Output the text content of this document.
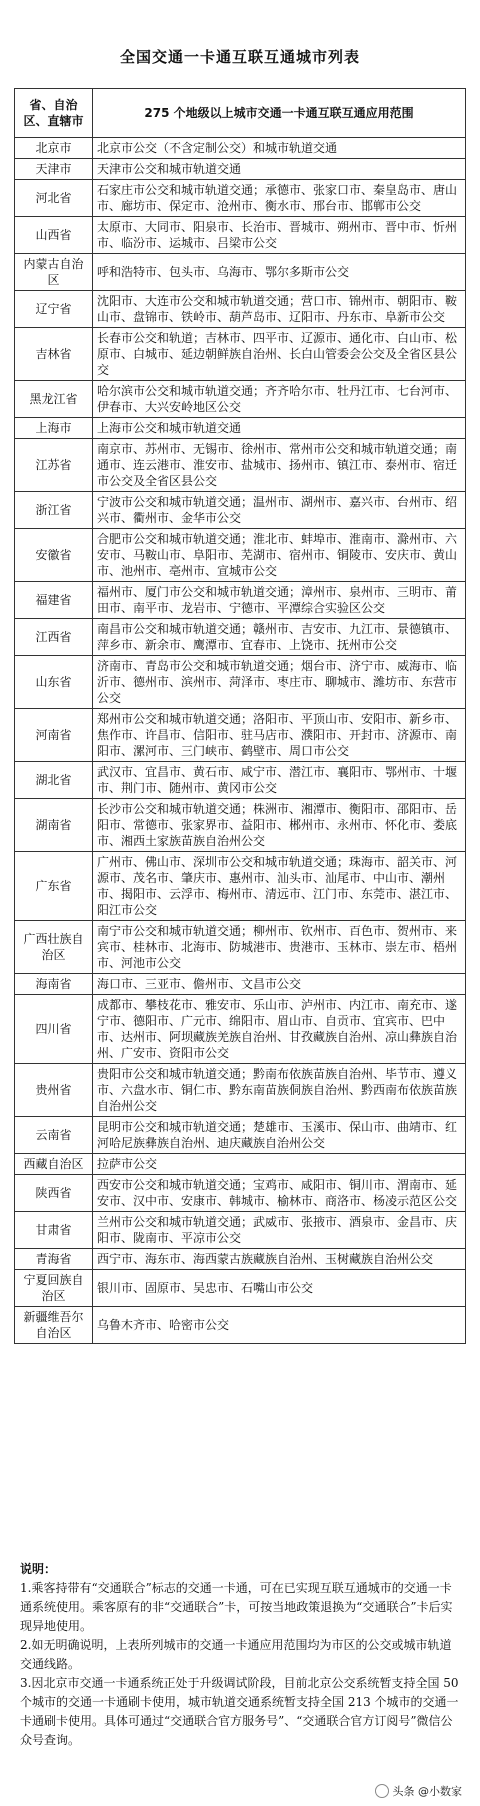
全国交通一卡通互联互通城市列表
省、自治区、直辖市	275 个地级以上城市交通一卡通互联互通应用范围
北京市	北京市公交（不含定制公交）和城市轨道交通
天津市	天津市公交和城市轨道交通
河北省	石家庄市公交和城市轨道交通；承德市、张家口市、秦皇岛市、唐山市、廊坊市、保定市、沧州市、衡水市、邢台市、邯郸市公交
山西省	太原市、大同市、阳泉市、长治市、晋城市、朔州市、晋中市、忻州市、临汾市、运城市、吕梁市公交
内蒙古自治区	呼和浩特市、包头市、乌海市、鄂尔多斯市公交
辽宁省	沈阳市、大连市公交和城市轨道交通；营口市、锦州市、朝阳市、鞍山市、盘锦市、铁岭市、葫芦岛市、辽阳市、丹东市、阜新市公交
吉林省	长春市公交和轨道；吉林市、四平市、辽源市、通化市、白山市、松原市、白城市、延边朝鲜族自治州、长白山管委会公交及全省区县公交
黑龙江省	哈尔滨市公交和城市轨道交通；齐齐哈尔市、牡丹江市、七台河市、伊春市、大兴安岭地区公交
上海市	上海市公交和城市轨道交通
江苏省	南京市、苏州市、无锡市、徐州市、常州市公交和城市轨道交通；南通市、连云港市、淮安市、盐城市、扬州市、镇江市、泰州市、宿迁市公交及全省区县公交
浙江省	宁波市公交和城市轨道交通；温州市、湖州市、嘉兴市、台州市、绍兴市、衢州市、金华市公交
安徽省	合肥市公交和城市轨道交通；淮北市、蚌埠市、淮南市、滁州市、六安市、马鞍山市、阜阳市、芜湖市、宿州市、铜陵市、安庆市、黄山市、池州市、亳州市、宣城市公交
福建省	福州市、厦门市公交和城市轨道交通；漳州市、泉州市、三明市、莆田市、南平市、龙岩市、宁德市、平潭综合实验区公交
江西省	南昌市公交和城市轨道交通；赣州市、吉安市、九江市、景德镇市、萍乡市、新余市、鹰潭市、宜春市、上饶市、抚州市公交
山东省	济南市、青岛市公交和城市轨道交通；烟台市、济宁市、威海市、临沂市、德州市、滨州市、菏泽市、枣庄市、聊城市、潍坊市、东营市公交
河南省	郑州市公交和城市轨道交通；洛阳市、平顶山市、安阳市、新乡市、焦作市、许昌市、信阳市、驻马店市、濮阳市、开封市、济源市、南阳市、漯河市、三门峡市、鹤壁市、周口市公交
湖北省	武汉市、宜昌市、黄石市、咸宁市、潜江市、襄阳市、鄂州市、十堰市、荆门市、随州市、黄冈市公交
湖南省	长沙市公交和城市轨道交通；株洲市、湘潭市、衡阳市、邵阳市、岳阳市、常德市、张家界市、益阳市、郴州市、永州市、怀化市、娄底市、湘西土家族苗族自治州公交
广东省	广州市、佛山市、深圳市公交和城市轨道交通；珠海市、韶关市、河源市、茂名市、肇庆市、惠州市、汕头市、汕尾市、中山市、潮州市、揭阳市、云浮市、梅州市、清远市、江门市、东莞市、湛江市、阳江市公交
广西壮族自治区	南宁市公交和城市轨道交通；柳州市、钦州市、百色市、贺州市、来宾市、桂林市、北海市、防城港市、贵港市、玉林市、崇左市、梧州市、河池市公交
海南省	海口市、三亚市、儋州市、文昌市公交
四川省	成都市、攀枝花市、雅安市、乐山市、泸州市、内江市、南充市、遂宁市、德阳市、广元市、绵阳市、眉山市、自贡市、宜宾市、巴中市、达州市、阿坝藏族羌族自治州、甘孜藏族自治州、凉山彝族自治州、广安市、资阳市公交
贵州省	贵阳市公交和城市轨道交通；黔南布依族苗族自治州、毕节市、遵义市、六盘水市、铜仁市、黔东南苗族侗族自治州、黔西南布依族苗族自治州公交
云南省	昆明市公交和城市轨道交通；楚雄市、玉溪市、保山市、曲靖市、红河哈尼族彝族自治州、迪庆藏族自治州公交
西藏自治区	拉萨市公交
陕西省	西安市公交和城市轨道交通；宝鸡市、咸阳市、铜川市、渭南市、延安市、汉中市、安康市、韩城市、榆林市、商洛市、杨凌示范区公交
甘肃省	兰州市公交和城市轨道交通；武威市、张掖市、酒泉市、金昌市、庆阳市、陇南市、平凉市公交
青海省	西宁市、海东市、海西蒙古族藏族自治州、玉树藏族自治州公交
宁夏回族自治区	银川市、固原市、吴忠市、石嘴山市公交
新疆维吾尔自治区	乌鲁木齐市、哈密市公交
说明：
1.乘客持带有“交通联合”标志的交通一卡通，可在已实现互联互通城市的交通一卡通系统使用。乘客原有的非“交通联合”卡，可按当地政策退换为“交通联合”卡后实现异地使用。
2.如无明确说明，上表所列城市的交通一卡通应用范围均为市区的公交或城市轨道交通线路。
3.因北京市交通一卡通系统正处于升级调试阶段，目前北京公交系统暂支持全国 50 个城市的交通一卡通刷卡使用，城市轨道交通系统暂支持全国 213 个城市的交通一卡通刷卡使用。具体可通过“交通联合官方服务号”、“交通联合官方订阅号”微信公众号查询。
头条 @小数家
